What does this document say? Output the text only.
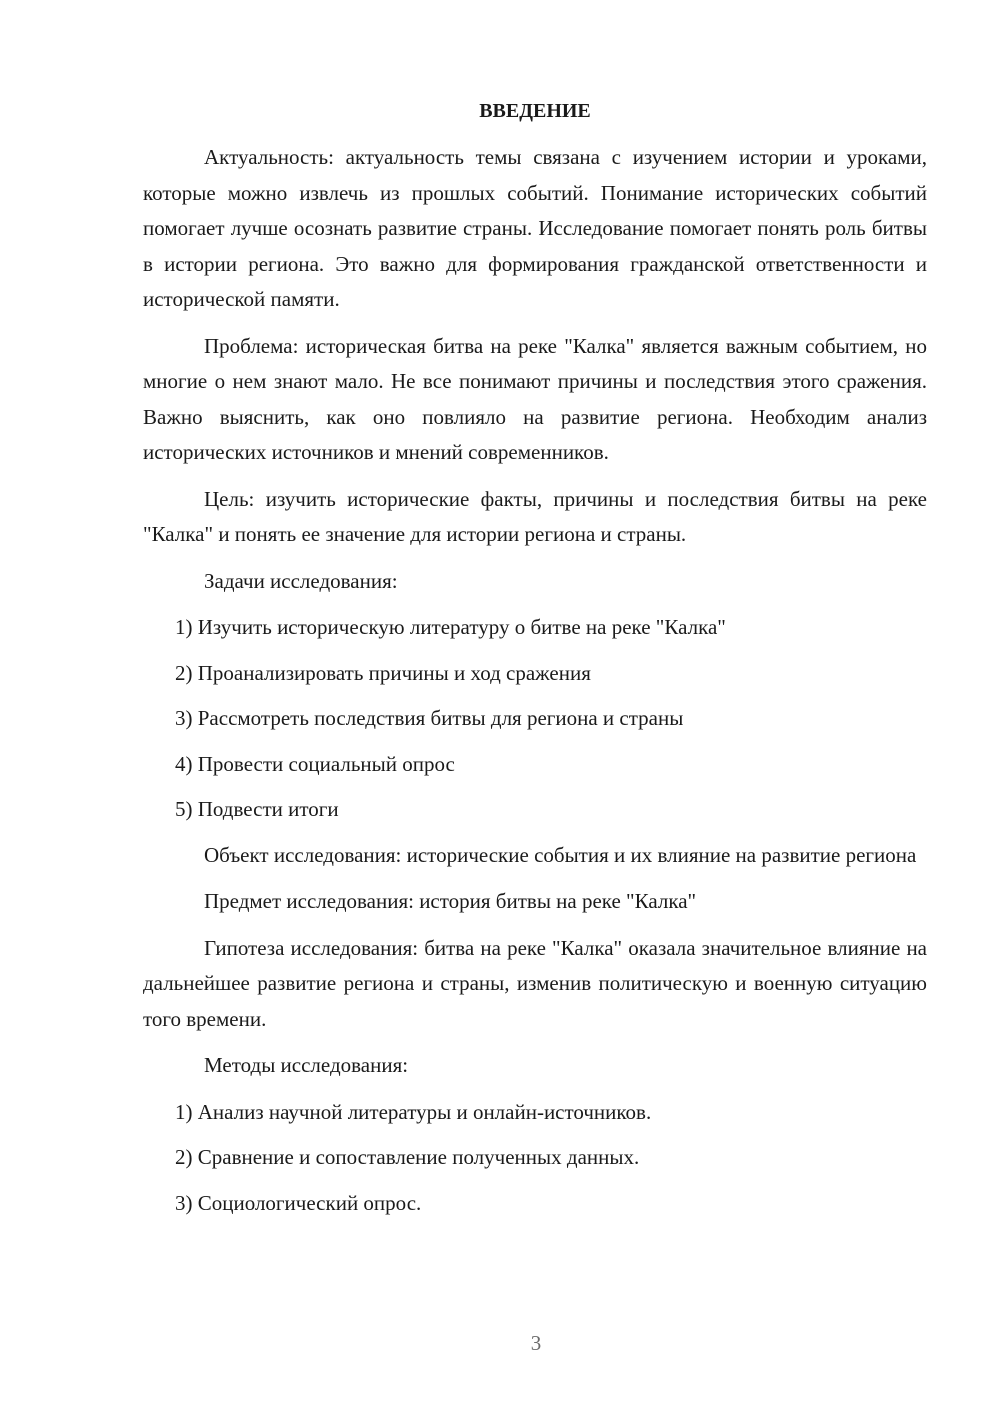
ВВЕДЕНИЕ

Актуальность: актуальность темы связана с изучением истории и уроками, которые можно извлечь из прошлых событий. Понимание исторических событий помогает лучше осознать развитие страны. Исследование помогает понять роль битвы в истории региона. Это важно для формирования гражданской ответственности и исторической памяти.

Проблема: историческая битва на реке "Калка" является важным событием, но многие о нем знают мало. Не все понимают причины и последствия этого сражения. Важно выяснить, как оно повлияло на развитие региона. Необходим анализ исторических источников и мнений современников.

Цель: изучить исторические факты, причины и последствия битвы на реке "Калка" и понять ее значение для истории региона и страны.

Задачи исследования:

1) Изучить историческую литературу о битве на реке "Калка"
2) Проанализировать причины и ход сражения
3) Рассмотреть последствия битвы для региона и страны
4) Провести социальный опрос
5) Подвести итоги

Объект исследования: исторические события и их влияние на развитие региона

Предмет исследования: история битвы на реке "Калка"

Гипотеза исследования: битва на реке "Калка" оказала значительное влияние на дальнейшее развитие региона и страны, изменив политическую и военную ситуацию того времени.

Методы исследования:

1) Анализ научной литературы и онлайн-источников.
2) Сравнение и сопоставление полученных данных.
3) Социологический опрос.
3
